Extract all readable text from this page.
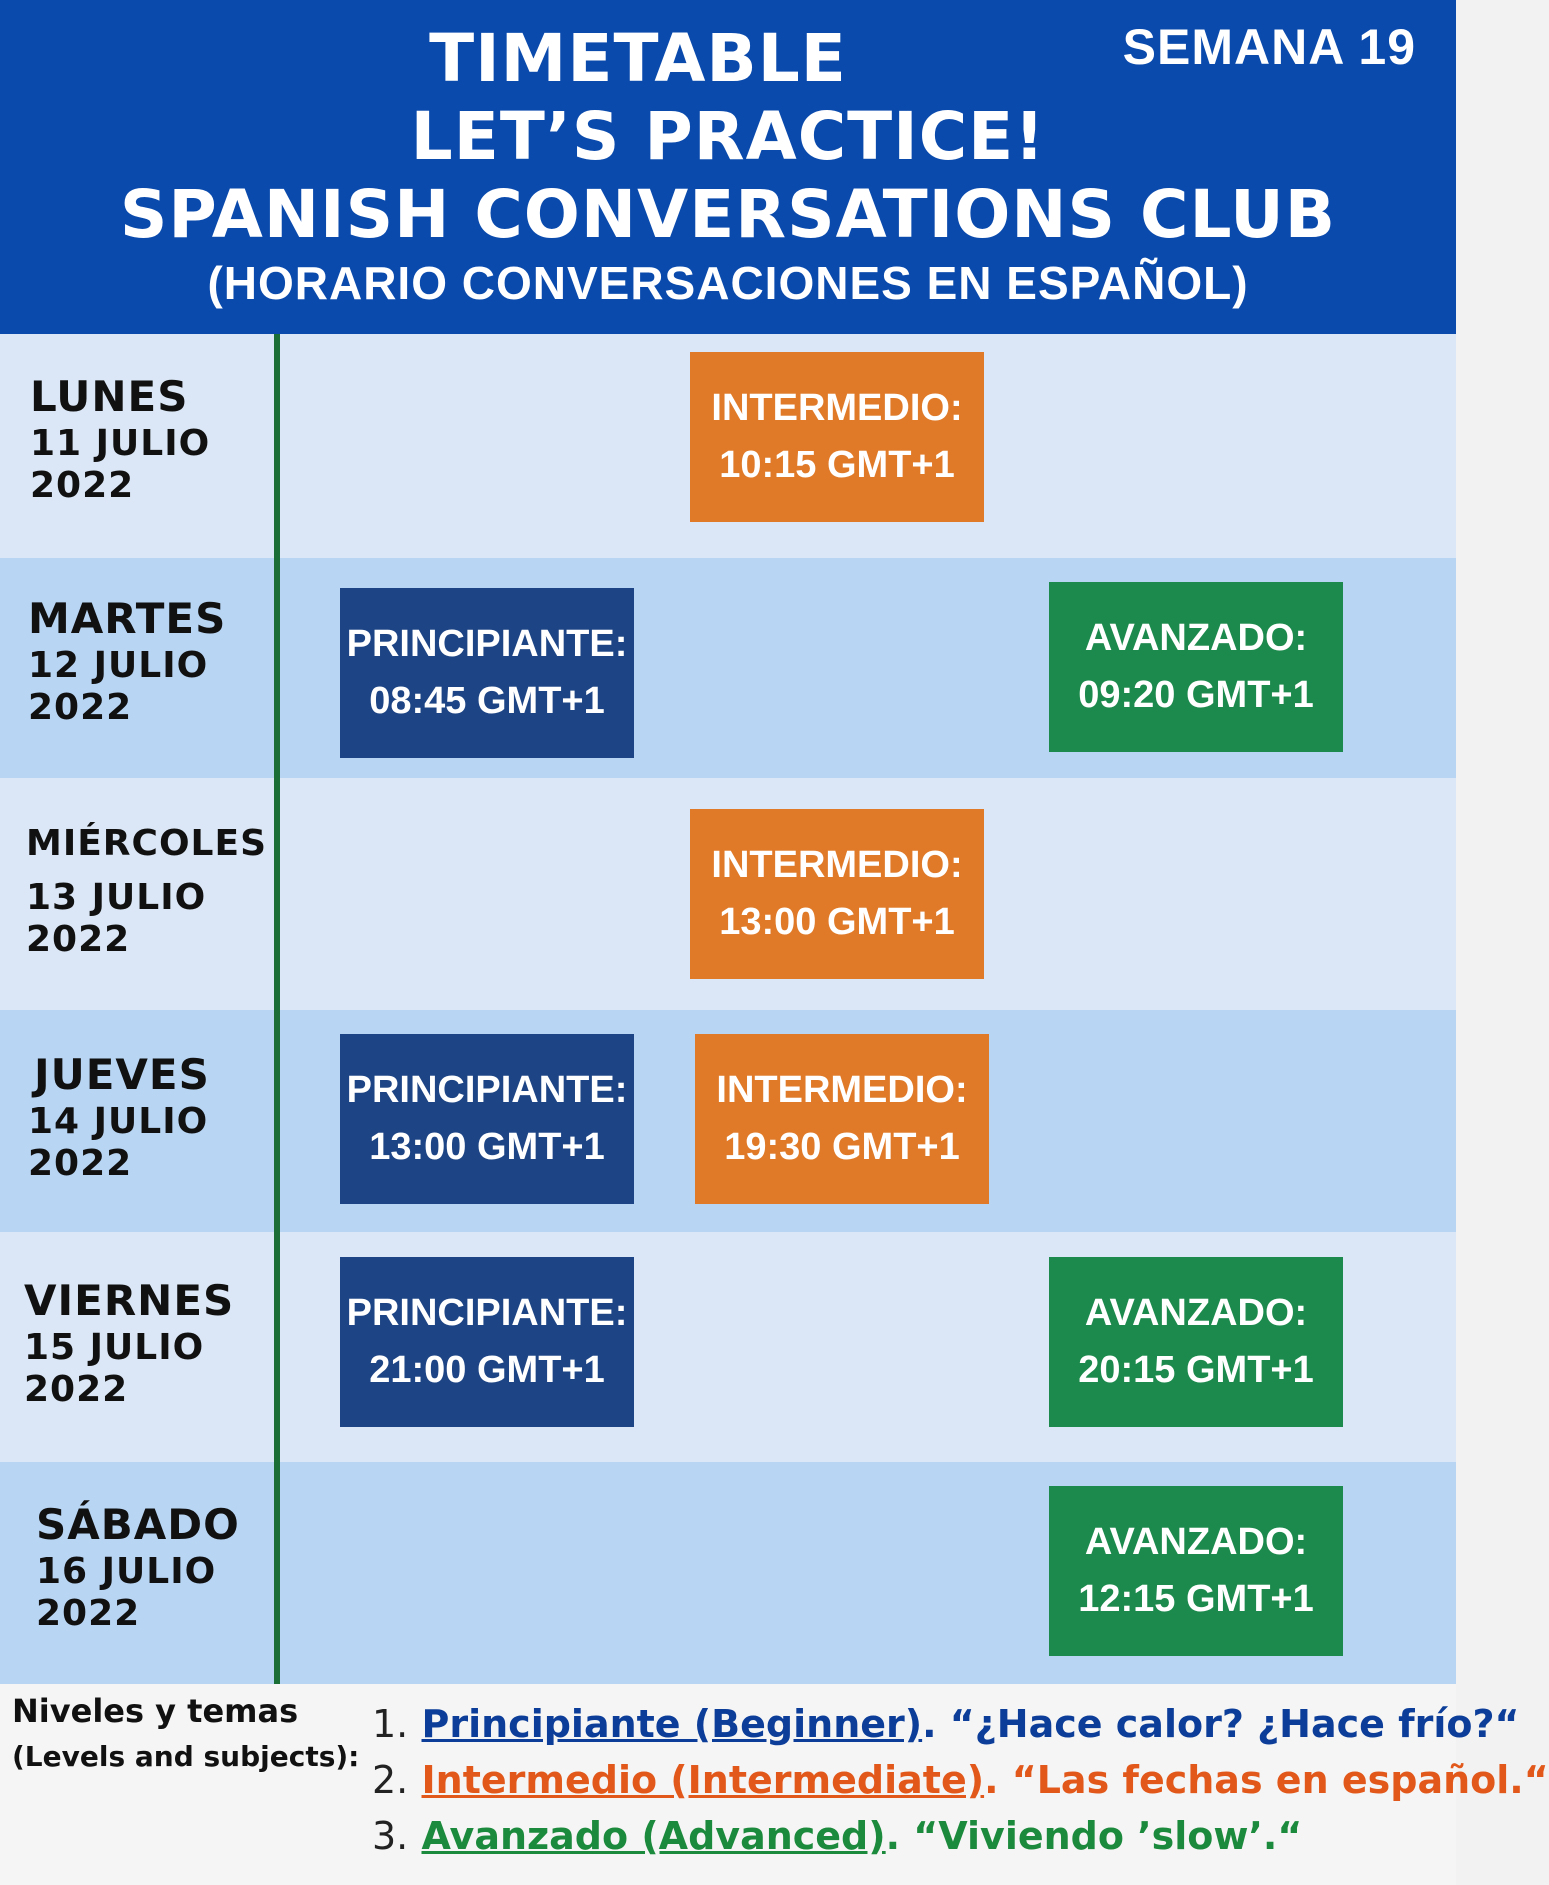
TIMETABLE
LET’S PRACTICE!
SPANISH CONVERSATIONS CLUB
(HORARIO CONVERSACIONES EN ESPAÑOL)
SEMANA 19
LUNES
11 JULIO
2022
MARTES
12 JULIO
2022
MIÉRCOLES
13 JULIO
2022
JUEVES
14 JULIO
2022
VIERNES
15 JULIO
2022
SÁBADO
16 JULIO
2022
INTERMEDIO:
10:15 GMT+1
PRINCIPIANTE:
08:45 GMT+1
AVANZADO:
09:20 GMT+1
INTERMEDIO:
13:00 GMT+1
PRINCIPIANTE:
13:00 GMT+1
INTERMEDIO:
19:30 GMT+1
PRINCIPIANTE:
21:00 GMT+1
AVANZADO:
20:15 GMT+1
AVANZADO:
12:15 GMT+1
Niveles y temas
(Levels and subjects):
1. Principiante (Beginner). “¿Hace calor? ¿Hace frío?“
2. Intermedio (Intermediate). “Las fechas en español.“
3. Avanzado (Advanced). “Viviendo ’slow’.“
